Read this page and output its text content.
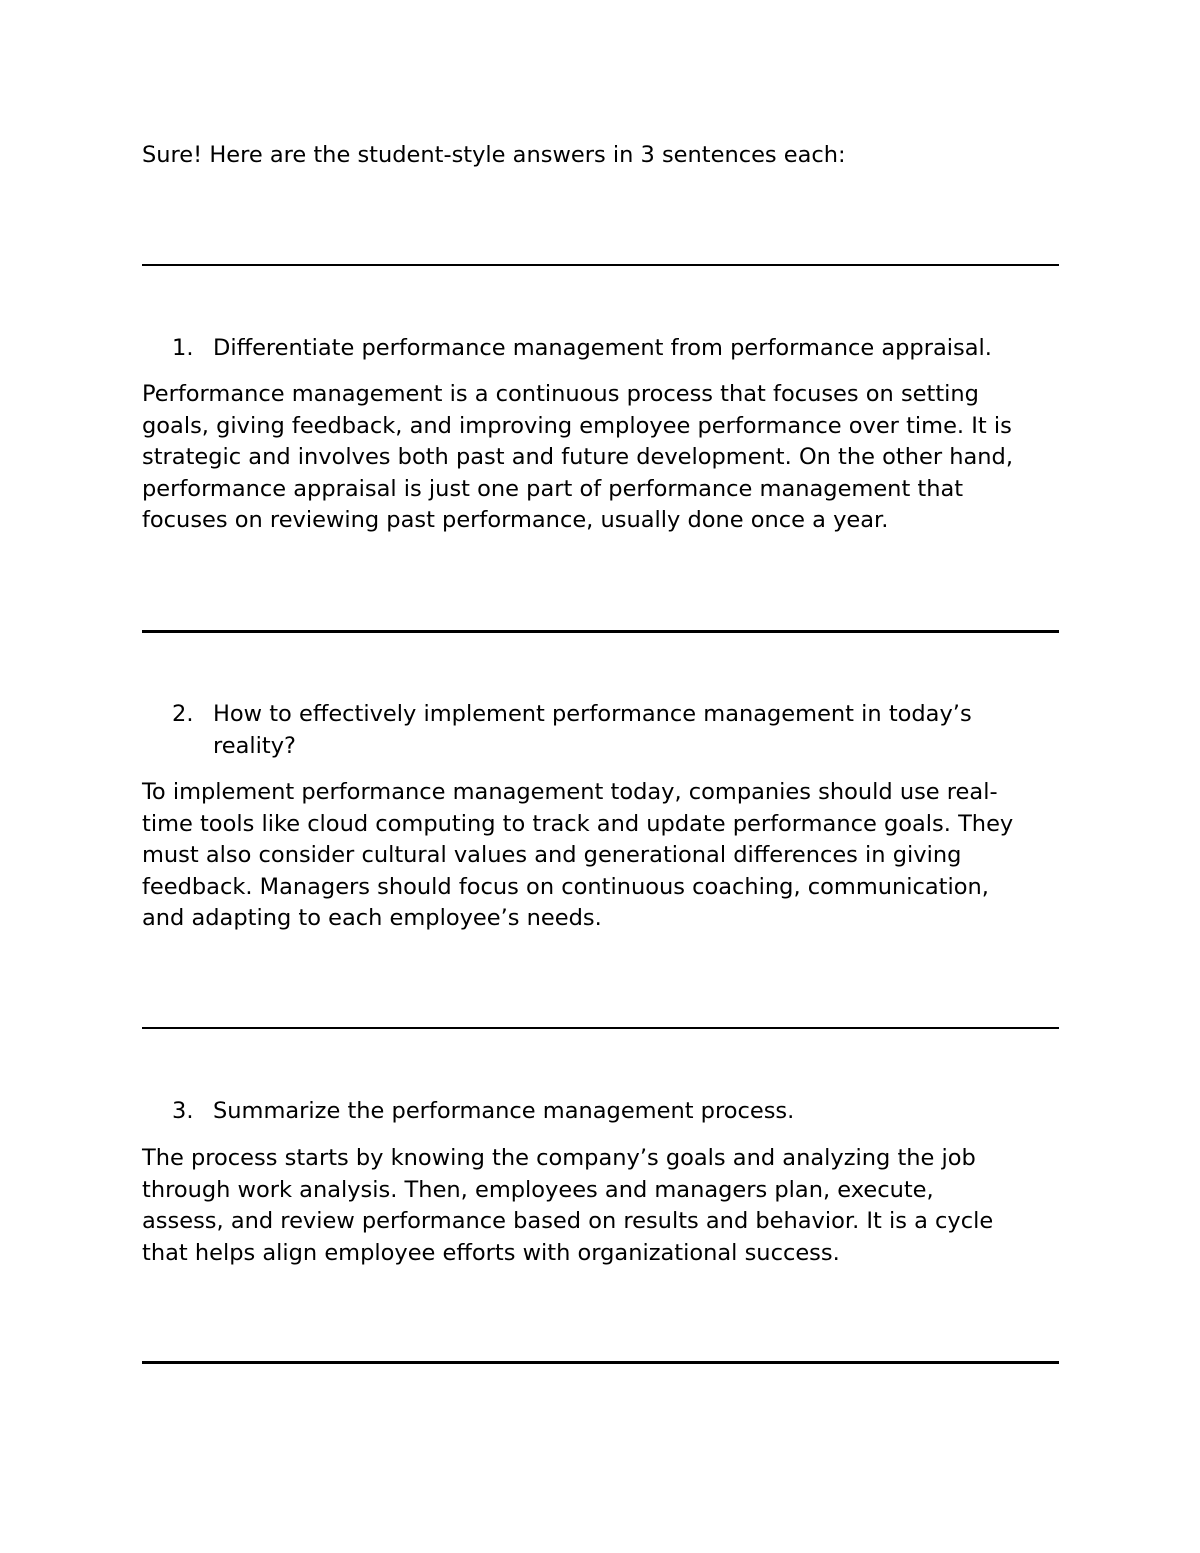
Sure! Here are the student-style answers in 3 sentences each:

1. Differentiate performance management from performance appraisal.

Performance management is a continuous process that focuses on setting
goals, giving feedback, and improving employee performance over time. It is
strategic and involves both past and future development. On the other hand,
performance appraisal is just one part of performance management that
focuses on reviewing past performance, usually done once a year.

2. How to effectively implement performance management in today’s
reality?

To implement performance management today, companies should use real-
time tools like cloud computing to track and update performance goals. They
must also consider cultural values and generational differences in giving
feedback. Managers should focus on continuous coaching, communication,
and adapting to each employee’s needs.

3. Summarize the performance management process.

The process starts by knowing the company’s goals and analyzing the job
through work analysis. Then, employees and managers plan, execute,
assess, and review performance based on results and behavior. It is a cycle
that helps align employee efforts with organizational success.
